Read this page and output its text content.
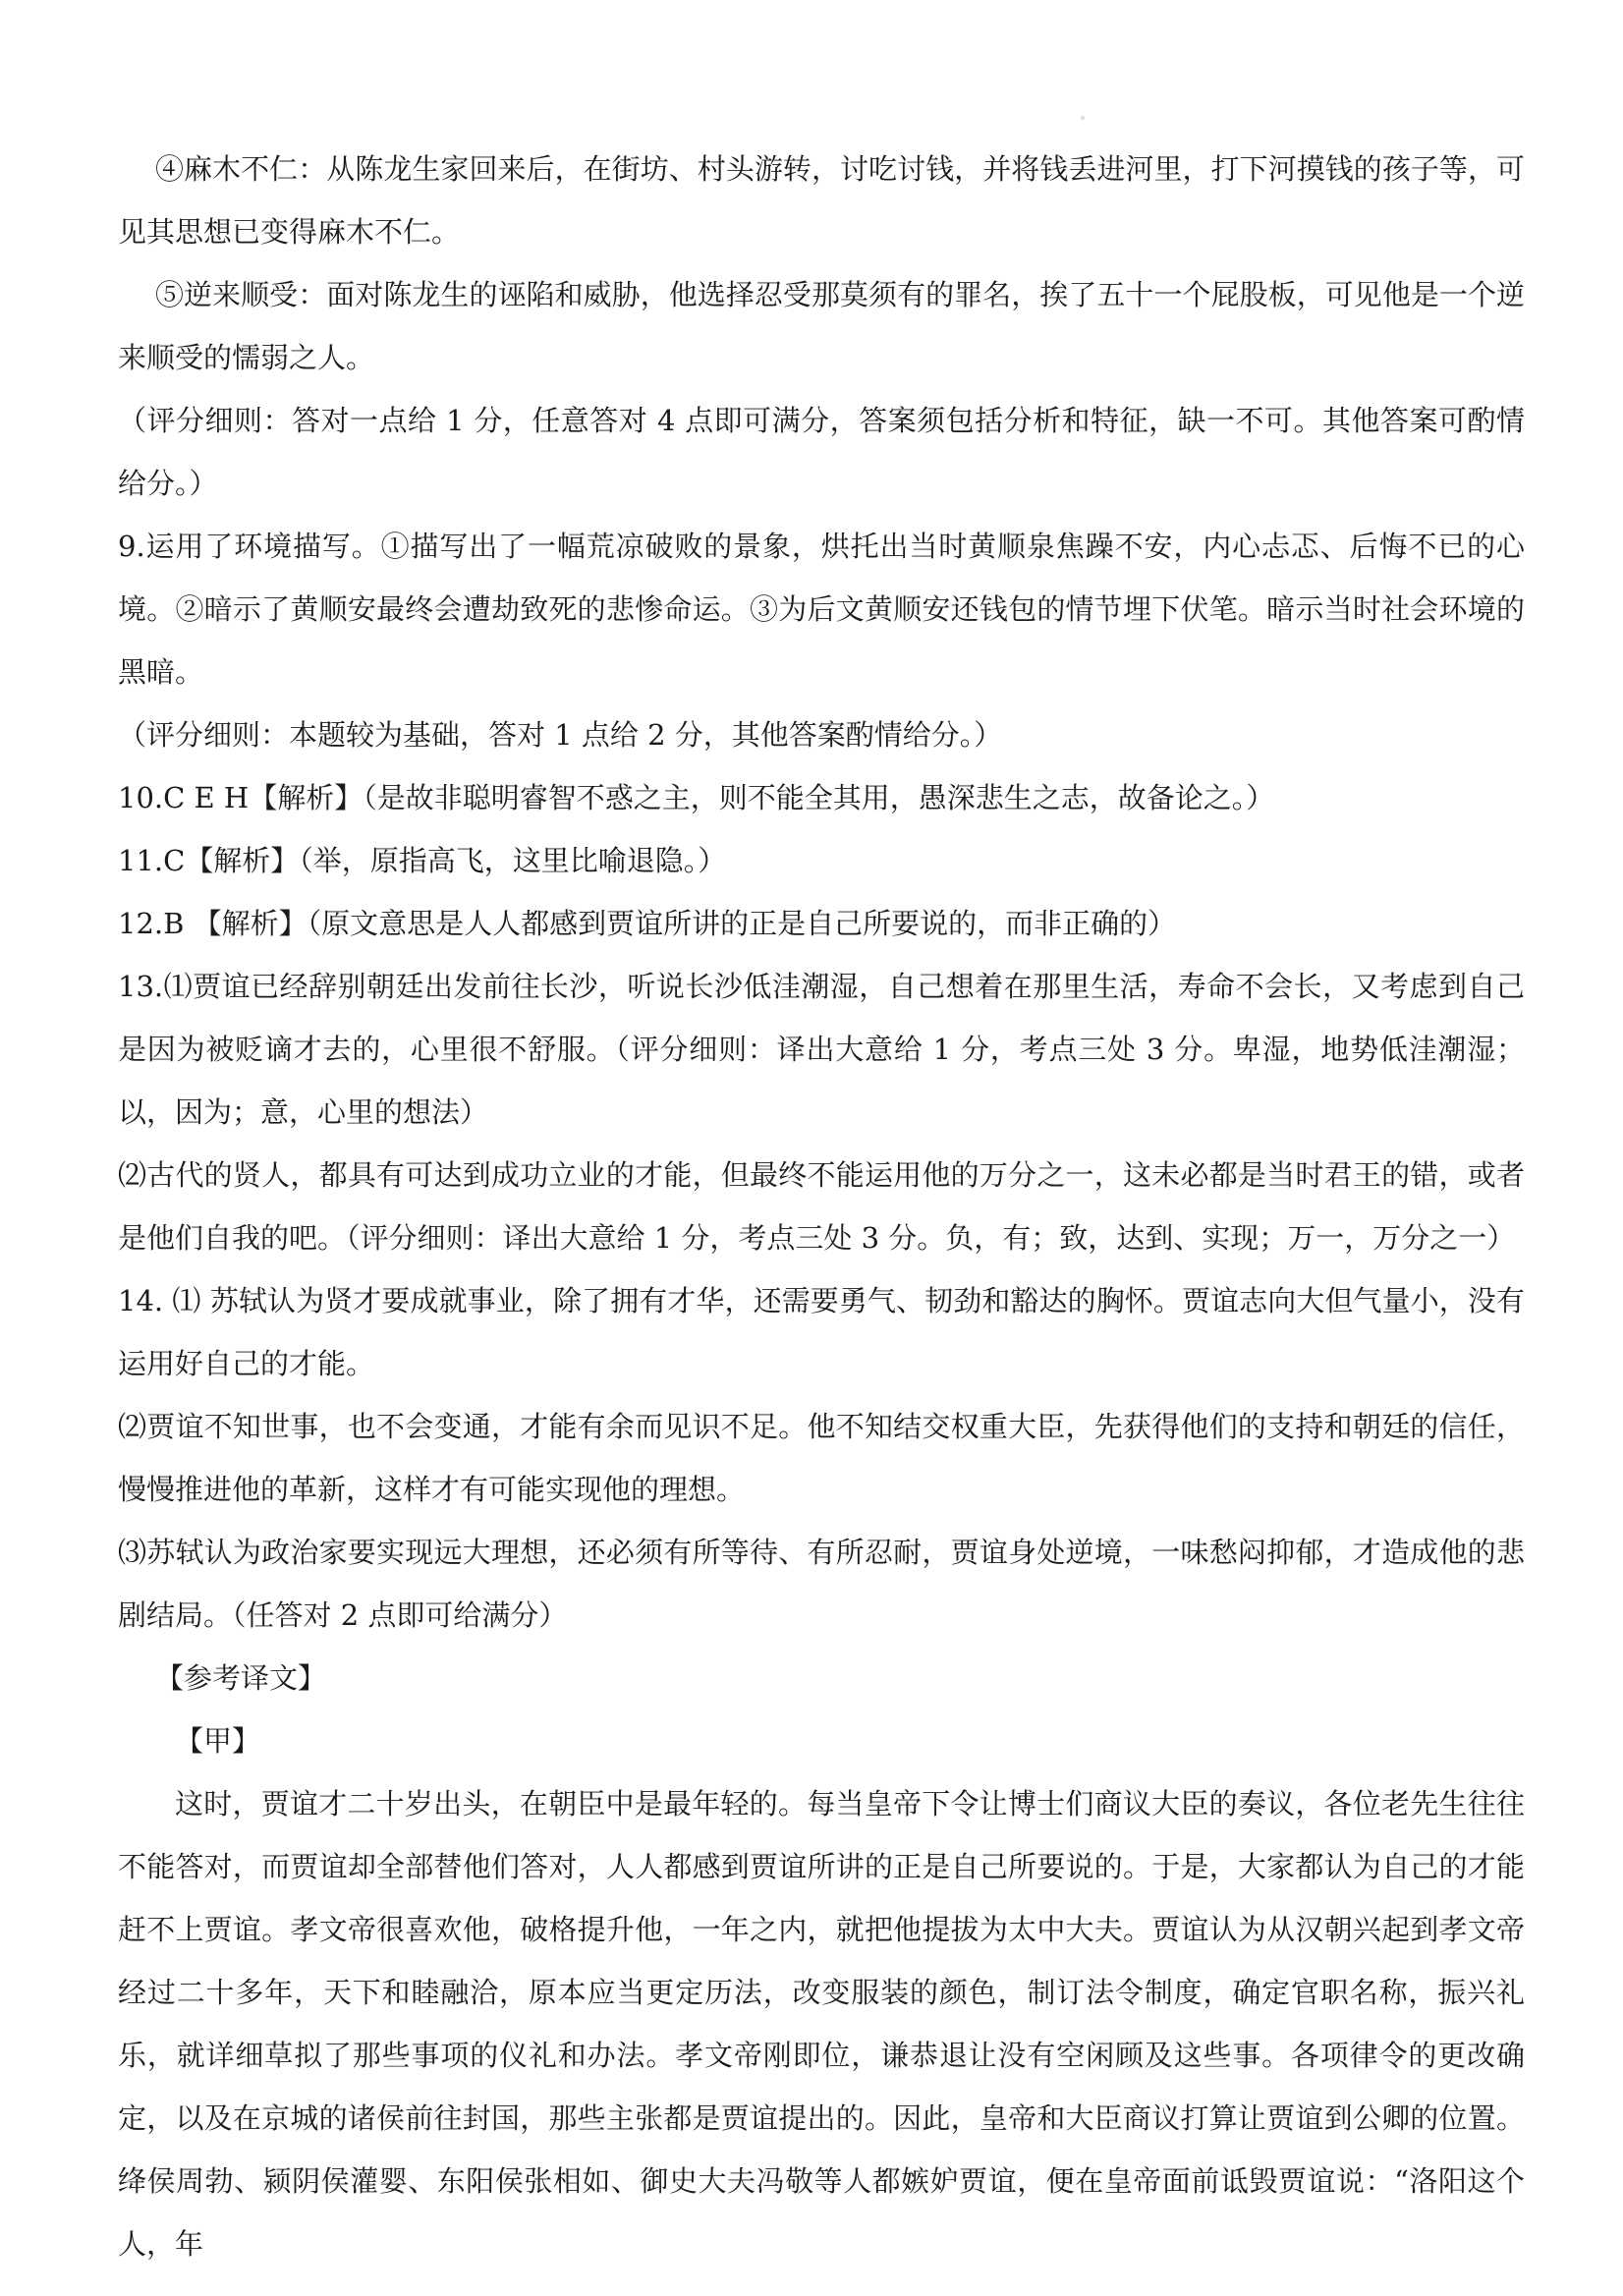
④麻木不仁：从陈龙生家回来后，在街坊、村头游转，讨吃讨钱，并将钱丢进河里，打下河摸钱的孩子等，可见其思想已变得麻木不仁。

⑤逆来顺受：面对陈龙生的诬陷和威胁，他选择忍受那莫须有的罪名，挨了五十一个屁股板，可见他是一个逆来顺受的懦弱之人。

（评分细则：答对一点给 1 分，任意答对 4 点即可满分，答案须包括分析和特征，缺一不可。其他答案可酌情给分。）

9.运用了环境描写。①描写出了一幅荒凉破败的景象，烘托出当时黄顺泉焦躁不安，内心忐忑、后悔不已的心境。②暗示了黄顺安最终会遭劫致死的悲惨命运。③为后文黄顺安还钱包的情节埋下伏笔。暗示当时社会环境的黑暗。

（评分细则：本题较为基础，答对 1 点给 2 分，其他答案酌情给分。）

10.C E H【解析】（是故非聪明睿智不惑之主，则不能全其用，愚深悲生之志，故备论之。）

11.C【解析】（举，原指高飞，这里比喻退隐。）

12.B 【解析】（原文意思是人人都感到贾谊所讲的正是自己所要说的，而非正确的）

13.⑴贾谊已经辞别朝廷出发前往长沙，听说长沙低洼潮湿，自己想着在那里生活，寿命不会长，又考虑到自己是因为被贬谪才去的，心里很不舒服。（评分细则：译出大意给 1 分，考点三处 3 分。卑湿，地势低洼潮湿；以，因为；意，心里的想法）

⑵古代的贤人，都具有可达到成功立业的才能，但最终不能运用他的万分之一，这未必都是当时君王的错，或者是他们自我的吧。（评分细则：译出大意给 1 分，考点三处 3 分。负，有；致，达到、实现；万一，万分之一）

14. ⑴ 苏轼认为贤才要成就事业，除了拥有才华，还需要勇气、韧劲和豁达的胸怀。贾谊志向大但气量小，没有运用好自己的才能。

⑵贾谊不知世事，也不会变通，才能有余而见识不足。他不知结交权重大臣，先获得他们的支持和朝廷的信任，慢慢推进他的革新，这样才有可能实现他的理想。

⑶苏轼认为政治家要实现远大理想，还必须有所等待、有所忍耐，贾谊身处逆境，一味愁闷抑郁，才造成他的悲剧结局。（任答对 2 点即可给满分）

【参考译文】

【甲】

这时，贾谊才二十岁出头，在朝臣中是最年轻的。每当皇帝下令让博士们商议大臣的奏议，各位老先生往往不能答对，而贾谊却全部替他们答对，人人都感到贾谊所讲的正是自己所要说的。于是，大家都认为自己的才能赶不上贾谊。孝文帝很喜欢他，破格提升他，一年之内，就把他提拔为太中大夫。贾谊认为从汉朝兴起到孝文帝经过二十多年，天下和睦融洽，原本应当更定历法，改变服装的颜色，制订法令制度，确定官职名称，振兴礼乐，就详细草拟了那些事项的仪礼和办法。孝文帝刚即位，谦恭退让没有空闲顾及这些事。各项律令的更改确定，以及在京城的诸侯前往封国，那些主张都是贾谊提出的。因此，皇帝和大臣商议打算让贾谊到公卿的位置。绛侯周勃、颍阴侯灌婴、东阳侯张相如、御史大夫冯敬等人都嫉妒贾谊，便在皇帝面前诋毁贾谊说：“洛阳这个人，年
